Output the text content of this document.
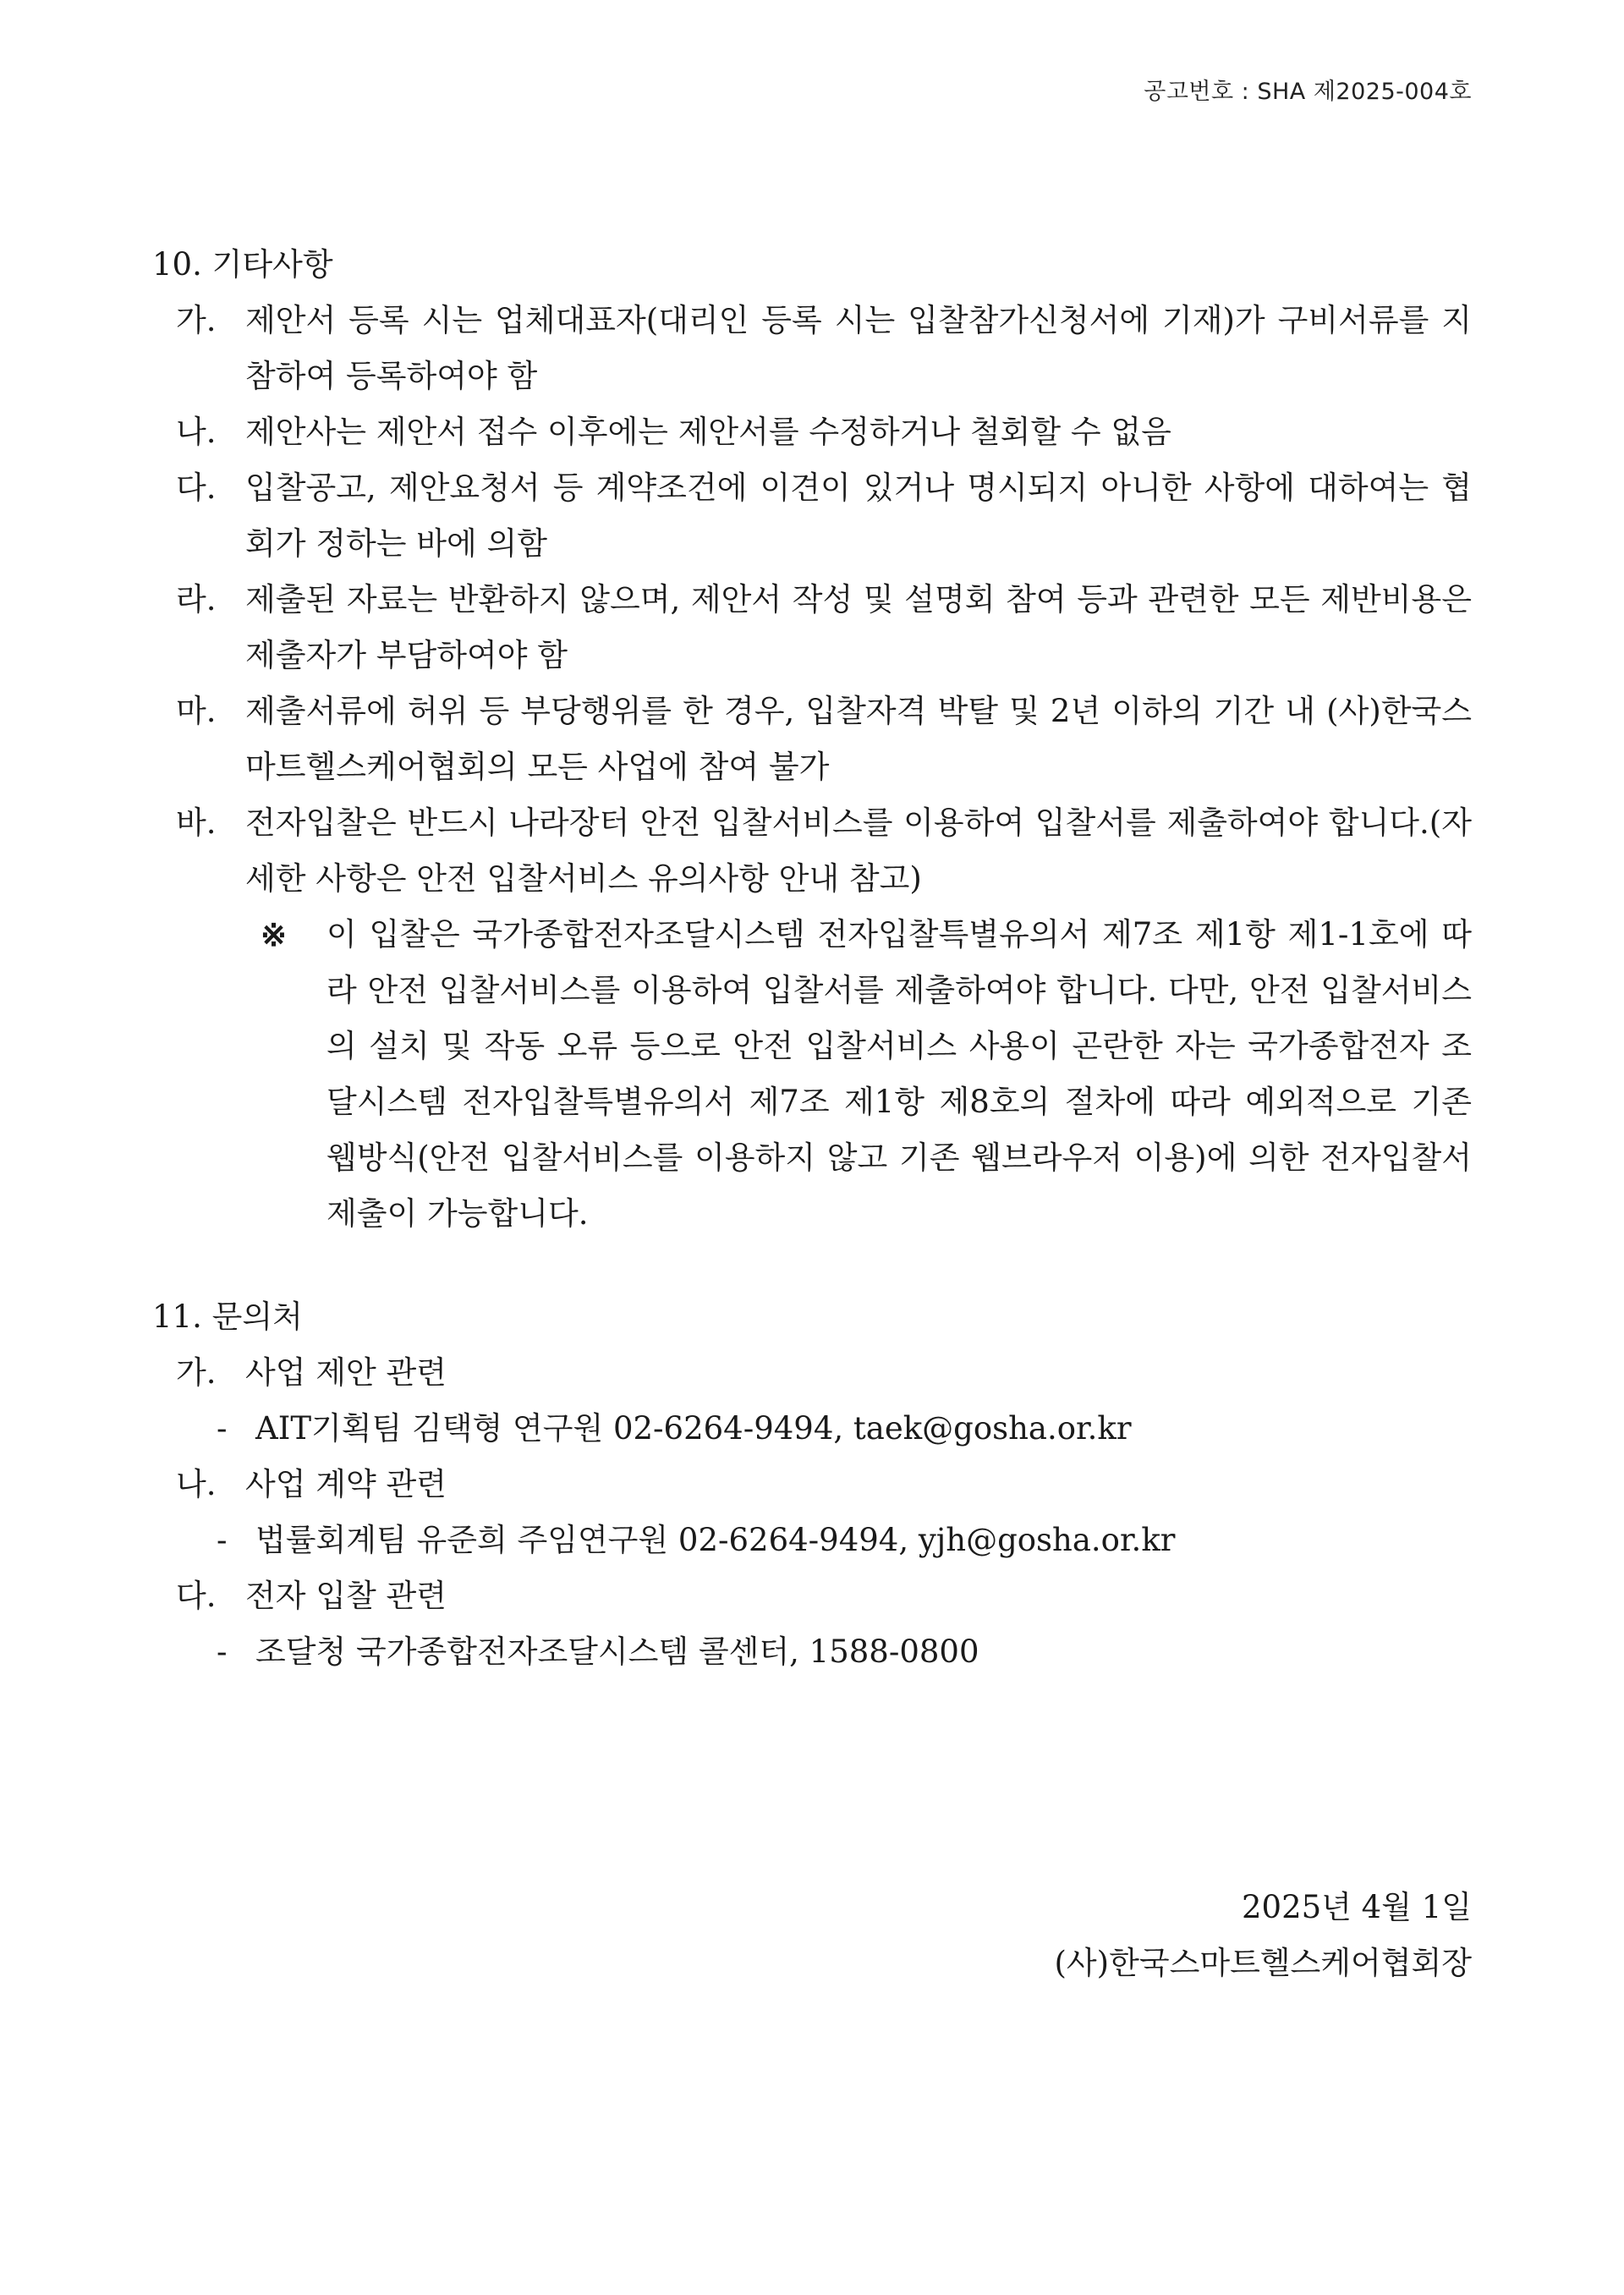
공고번호 : SHA 제2025-004호
10. 기타사항
가. 제안서 등록 시는 업체대표자(대리인 등록 시는 입찰참가신청서에 기재)가 구비서류를 지참하여 등록하여야 함
나. 제안사는 제안서 접수 이후에는 제안서를 수정하거나 철회할 수 없음
다. 입찰공고, 제안요청서 등 계약조건에 이견이 있거나 명시되지 아니한 사항에 대하여는 협회가 정하는 바에 의함
라. 제출된 자료는 반환하지 않으며, 제안서 작성 및 설명회 참여 등과 관련한 모든 제반비용은 제출자가 부담하여야 함
마. 제출서류에 허위 등 부당행위를 한 경우, 입찰자격 박탈 및 2년 이하의 기간 내 (사)한국스마트헬스케어협회의 모든 사업에 참여 불가
바. 전자입찰은 반드시 나라장터 안전 입찰서비스를 이용하여 입찰서를 제출하여야 합니다.(자세한 사항은 안전 입찰서비스 유의사항 안내 참고)
※	이 입찰은 국가종합전자조달시스템 전자입찰특별유의서 제7조 제1항 제1-1호에 따라 안전 입찰서비스를 이용하여 입찰서를 제출하여야 합니다. 다만, 안전 입찰서비스의 설치 및 작동 오류 등으로 안전 입찰서비스 사용이 곤란한 자는 국가종합전자 조달시스템 전자입찰특별유의서 제7조 제1항 제8호의 절차에 따라 예외적으로 기존 웹방식(안전 입찰서비스를 이용하지 않고 기존 웹브라우저 이용)에 의한 전자입찰서 제출이 가능합니다.
11. 문의처
가. 사업 제안 관련
- AIT기획팀 김택형 연구원 02-6264-9494, taek@gosha.or.kr
나. 사업 계약 관련
- 법률회계팀 유준희 주임연구원 02-6264-9494, yjh@gosha.or.kr
다. 전자 입찰 관련
- 조달청 국가종합전자조달시스템 콜센터, 1588-0800
2025년 4월 1일
(사)한국스마트헬스케어협회장
